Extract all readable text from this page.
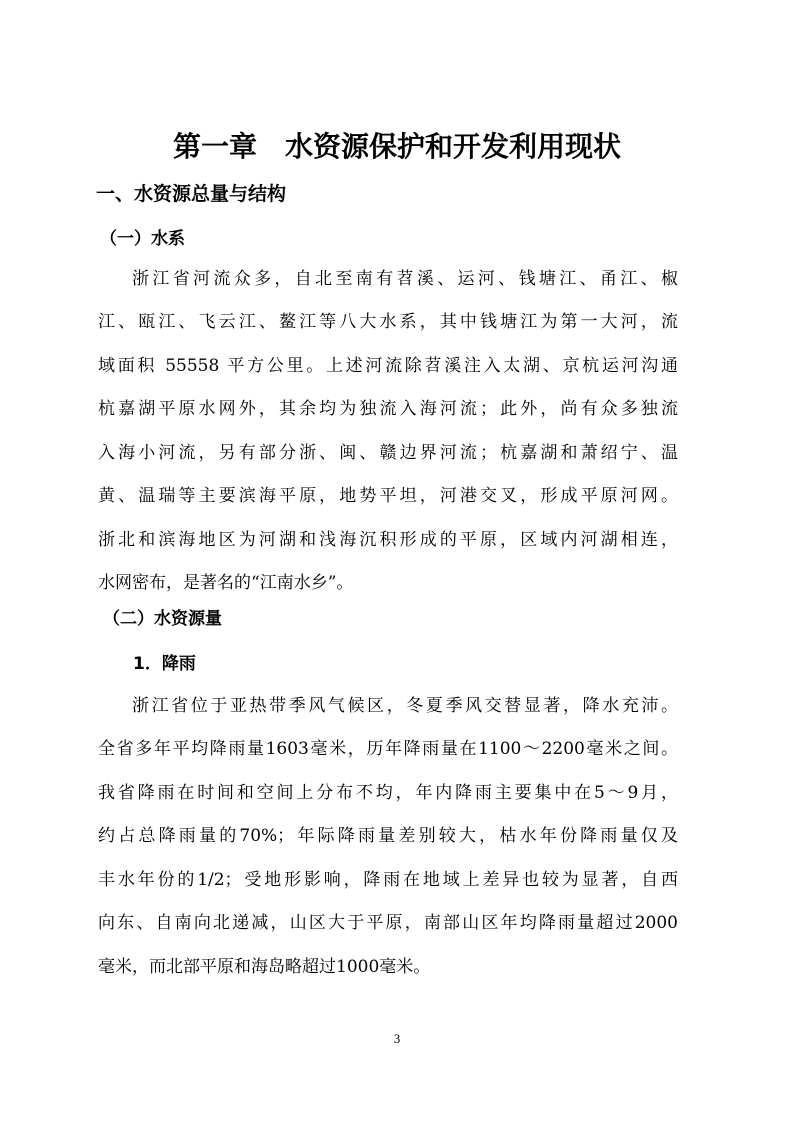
第一章　水资源保护和开发利用现状
一、水资源总量与结构
（一）水系
浙江省河流众多，自北至南有苕溪、运河、钱塘江、甬江、椒
江、瓯江、飞云江、鳌江等八大水系，其中钱塘江为第一大河，流
域面积 55558 平方公里。上述河流除苕溪注入太湖、京杭运河沟通
杭嘉湖平原水网外，其余均为独流入海河流；此外，尚有众多独流
入海小河流，另有部分浙、闽、赣边界河流；杭嘉湖和萧绍宁、温
黄、温瑞等主要滨海平原，地势平坦，河港交叉，形成平原河网。
浙北和滨海地区为河湖和浅海沉积形成的平原，区域内河湖相连，
水网密布，是著名的“江南水乡”。
（二）水资源量
1．降雨
浙江省位于亚热带季风气候区，冬夏季风交替显著，降水充沛。
全省多年平均降雨量1603毫米，历年降雨量在1100～2200毫米之间。
我省降雨在时间和空间上分布不均，年内降雨主要集中在5～9月，
约占总降雨量的70%；年际降雨量差别较大，枯水年份降雨量仅及
丰水年份的1/2；受地形影响，降雨在地域上差异也较为显著，自西
向东、自南向北递减，山区大于平原，南部山区年均降雨量超过2000
毫米，而北部平原和海岛略超过1000毫米。
3
